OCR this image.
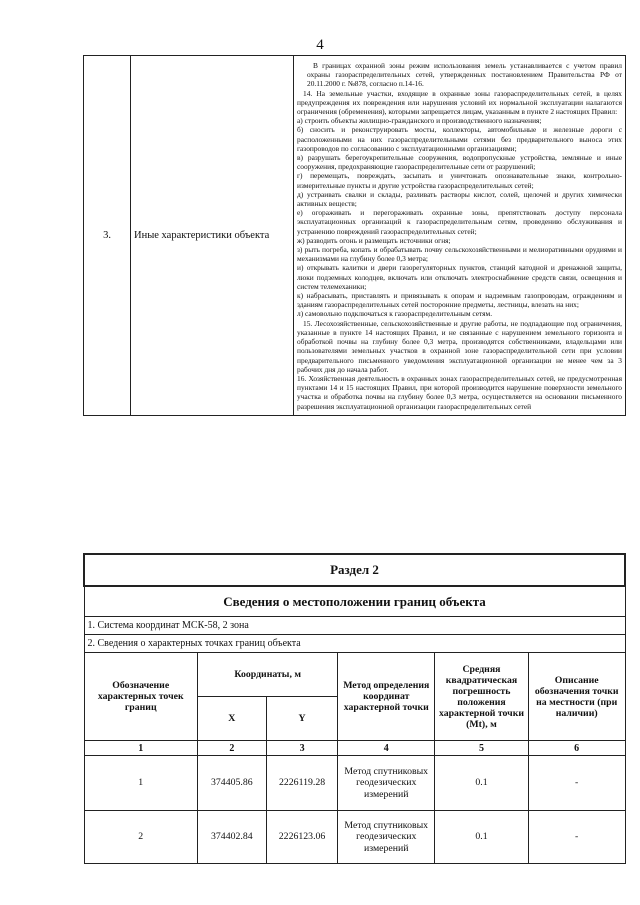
4
3.	Иные характеристики объекта	

В границах охранной зоны режим использования земель устанавливается с учетом правил охраны газораспределительных сетей, утвержденных постановлением Правительства РФ от 20.11.2000 г. №878, согласно п.14-16.

14. На земельные участки, входящие в охранные зоны газораспределительных сетей, в целях предупреждения их повреждения или нарушения условий их нормальной эксплуатации налагаются ограничения (обременения), которыми запрещается лицам, указанным в пункте 2 настоящих Правил:

а) строить объекты жилищно-гражданского и производственного назначения;

б) сносить и реконструировать мосты, коллекторы, автомобильные и железные дороги с расположенными на них газораспределительными сетями без предварительного выноса этих газопроводов по согласованию с эксплуатационными организациями;

в) разрушать берегоукрепительные сооружения, водопропускные устройства, земляные и иные сооружения, предохраняющие газораспределительные сети от разрушений;

г) перемещать, повреждать, засыпать и уничтожать опознавательные знаки, контрольно-измерительные пункты и другие устройства газораспределительных сетей;

д) устраивать свалки и склады, разливать растворы кислот, солей, щелочей и других химически активных веществ;

е) огораживать и перегораживать охранные зоны, препятствовать доступу персонала эксплуатационных организаций к газораспределительным сетям, проведению обслуживания и устранению повреждений газораспределительных сетей;

ж) разводить огонь и размещать источники огня;

з) рыть погреба, копать и обрабатывать почву сельскохозяйственными и мелиоративными орудиями и механизмами на глубину более 0,3 метра;

и) открывать калитки и двери газорегуляторных пунктов, станций катодной и дренажной защиты, люки подземных колодцев, включать или отключать электроснабжение средств связи, освещения и систем телемеханики;

к) набрасывать, приставлять и привязывать к опорам и надземным газопроводам, ограждениям и зданиям газораспределительных сетей посторонние предметы, лестницы, влезать на них;

л) самовольно подключаться к газораспределительным сетям.

15. Лесохозяйственные, сельскохозяйственные и другие работы, не подпадающие под ограничения, указанные в пункте 14 настоящих Правил, и не связанные с нарушением земельного горизонта и обработкой почвы на глубину более 0,3 метра, производятся собственниками, владельцами или пользователями земельных участков в охранной зоне газораспределительной сети при условии предварительного письменного уведомления эксплуатационной организации не менее чем за 3 рабочих дня до начала работ.

16. Хозяйственная деятельность в охранных зонах газораспределительных сетей, не предусмотренная пунктами 14 и 15 настоящих Правил, при которой производится нарушение поверхности земельного участка и обработка почвы на глубину более 0,3 метра, осуществляется на основании письменного разрешения эксплуатационной организации газораспределительных сетей

Раздел 2					
Сведения о местоположении границ объекта					
1. Система координат МСК-58, 2 зона					
2. Сведения о характерных точках границ объекта					
Обозначение характерных точек границ	Координаты, м		Метод определения координат характерной точки	Средняя квадратическая погрешность положения характерной точки (Mt), м	Описание обозначения точки на местности (при наличии)
	X	Y			
1	2	3	4	5	6
1	374405.86	2226119.28	Метод спутниковых геодезических измерений	0.1	-
2	374402.84	2226123.06	Метод спутниковых геодезических измерений	0.1	-
